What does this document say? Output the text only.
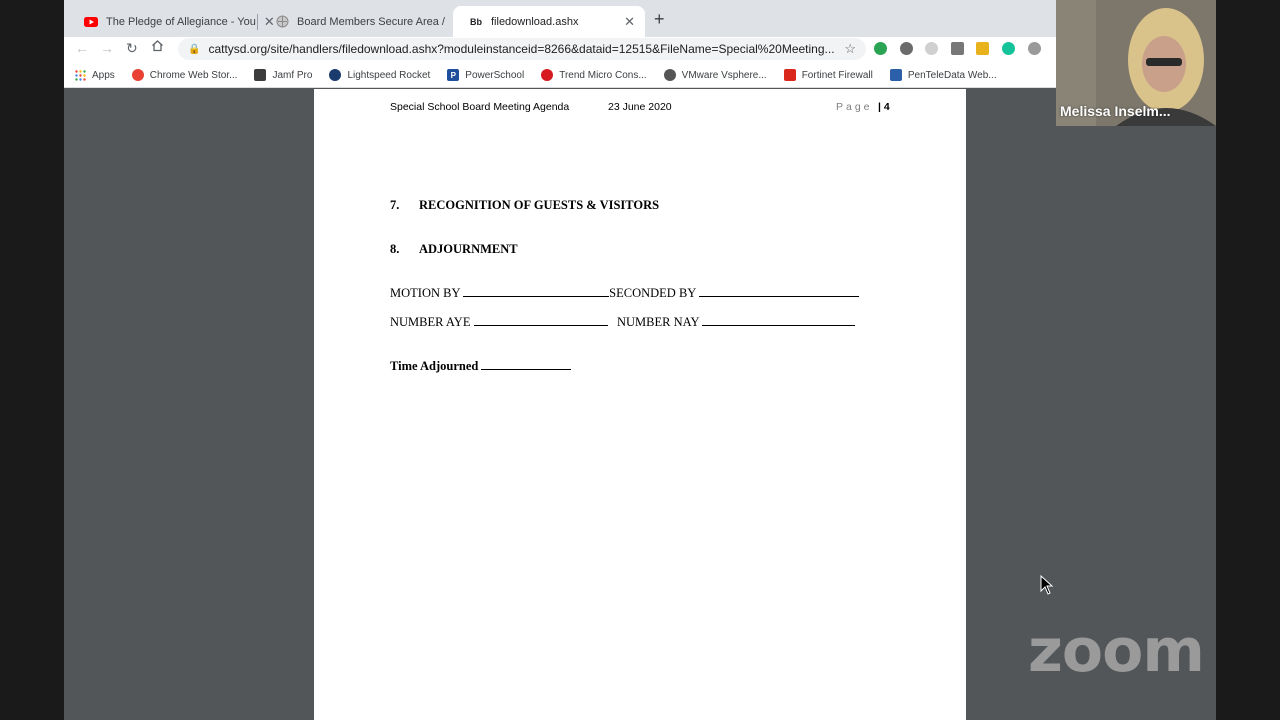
The Pledge of Allegiance - You ✕ Board Members Secure Area /	Bb filedownload.ashx	✕ +
← → ↻	🔒 cattysd.org/site/handlers/filedownload.ashx?moduleinstanceid=8266&dataid=12515&FileName=Special%20Meeting... ☆
Apps	Chrome Web Stor...	Jamf Pro	Lightspeed Rocket	P PowerSchool	Trend Micro Cons...	VMware Vsphere...	Fortinet Firewall	PenTeleData Web...
Special School Board Meeting Agenda	23 June 2020	Page | 4
7. RECOGNITION OF GUESTS & VISITORS
8. ADJOURNMENT
MOTION BY	SECONDED BY
NUMBER AYE	NUMBER NAY
Time Adjourned
Melissa Inselm...
zoom
